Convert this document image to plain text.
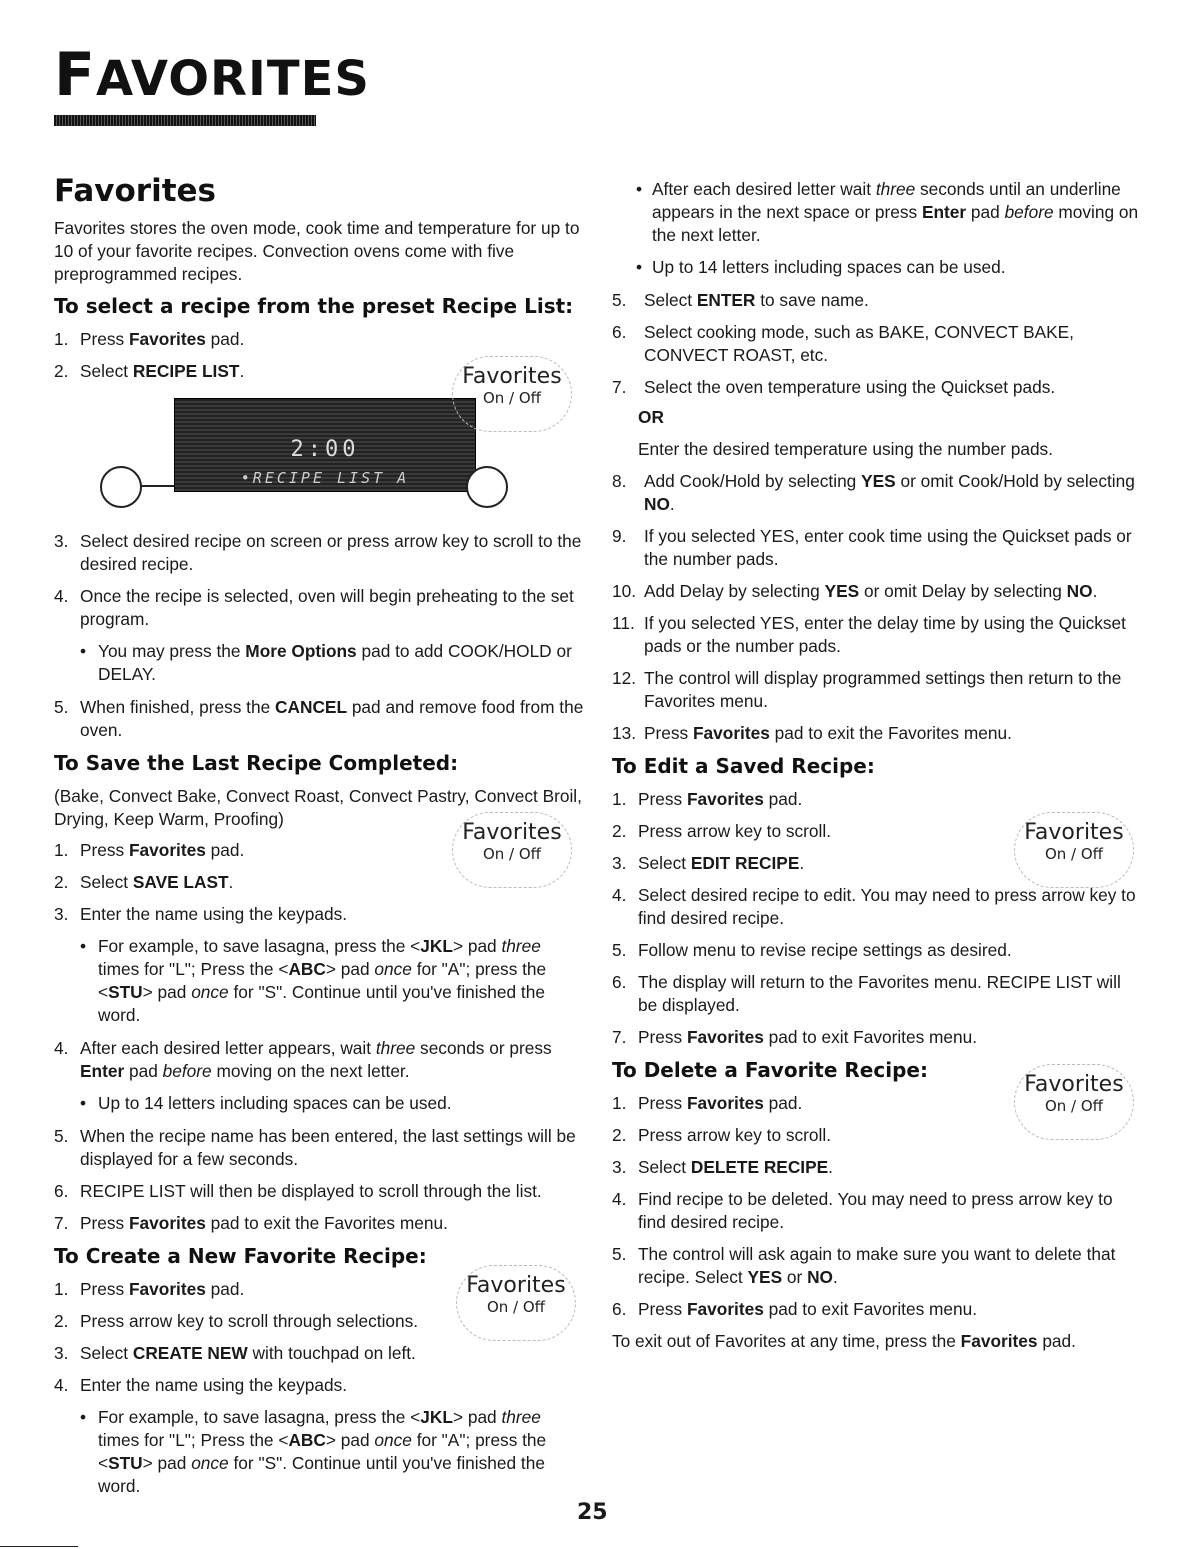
FAVORITES
Favorites

Favorites stores the oven mode, cook time and temperature for up to 10 of your favorite recipes. Convection ovens come with five preprogrammed recipes.

To select a recipe from the preset Recipe List:
1. Press Favorites pad.
2. Select RECIPE LIST.
3. Select desired recipe on screen or press arrow key to scroll to the desired recipe.
4. Once the recipe is selected, oven will begin preheating to the set program.
• You may press the More Options pad to add COOK/HOLD or DELAY.
5. When finished, press the CANCEL pad and remove food from the oven.
To Save the Last Recipe Completed:

(Bake, Convect Bake, Convect Roast, Convect Pastry, Convect Broil, Drying, Keep Warm, Proofing)

1. Press Favorites pad.
2. Select SAVE LAST.
3. Enter the name using the keypads.
• For example, to save lasagna, press the <JKL> pad three times for "L"; Press the <ABC> pad once for "A"; press the <STU> pad once for "S". Continue until you've finished the word.
4. After each desired letter appears, wait three seconds or press Enter pad before moving on the next letter.
• Up to 14 letters including spaces can be used.
5. When the recipe name has been entered, the last settings will be displayed for a few seconds.
6. RECIPE LIST will then be displayed to scroll through the list.
7. Press Favorites pad to exit the Favorites menu.
To Create a New Favorite Recipe:
1. Press Favorites pad.
2. Press arrow key to scroll through selections.
3. Select CREATE NEW with touchpad on left.
4. Enter the name using the keypads.
• For example, to save lasagna, press the <JKL> pad three times for "L"; Press the <ABC> pad once for "A"; press the <STU> pad once for "S". Continue until you've finished the word.
2:00
•RECIPE LIST A
Favorites
On / Off
Favorites
On / Off
Favorites
On / Off
Favorites
On / Off
Favorites
On / Off
• After each desired letter wait three seconds until an underline appears in the next space or press Enter pad before moving on the next letter.
• Up to 14 letters including spaces can be used.
5. Select ENTER to save name.
6. Select cooking mode, such as BAKE, CONVECT BAKE, CONVECT ROAST, etc.
7. Select the oven temperature using the Quickset pads.

OR

Enter the desired temperature using the number pads.

8. Add Cook/Hold by selecting YES or omit Cook/Hold by selecting NO.
9. If you selected YES, enter cook time using the Quickset pads or the number pads.
10. Add Delay by selecting YES or omit Delay by selecting NO.
11. If you selected YES, enter the delay time by using the Quickset pads or the number pads.
12. The control will display programmed settings then return to the Favorites menu.
13. Press Favorites pad to exit the Favorites menu.
To Edit a Saved Recipe:
1. Press Favorites pad.
2. Press arrow key to scroll.
3. Select EDIT RECIPE.
4. Select desired recipe to edit. You may need to press arrow key to find desired recipe.
5. Follow menu to revise recipe settings as desired.
6. The display will return to the Favorites menu. RECIPE LIST will be displayed.
7. Press Favorites pad to exit Favorites menu.
To Delete a Favorite Recipe:
1. Press Favorites pad.
2. Press arrow key to scroll.
3. Select DELETE RECIPE.
4. Find recipe to be deleted. You may need to press arrow key to find desired recipe.
5. The control will ask again to make sure you want to delete that recipe. Select YES or NO.
6. Press Favorites pad to exit Favorites menu.

To exit out of Favorites at any time, press the Favorites pad.

25
